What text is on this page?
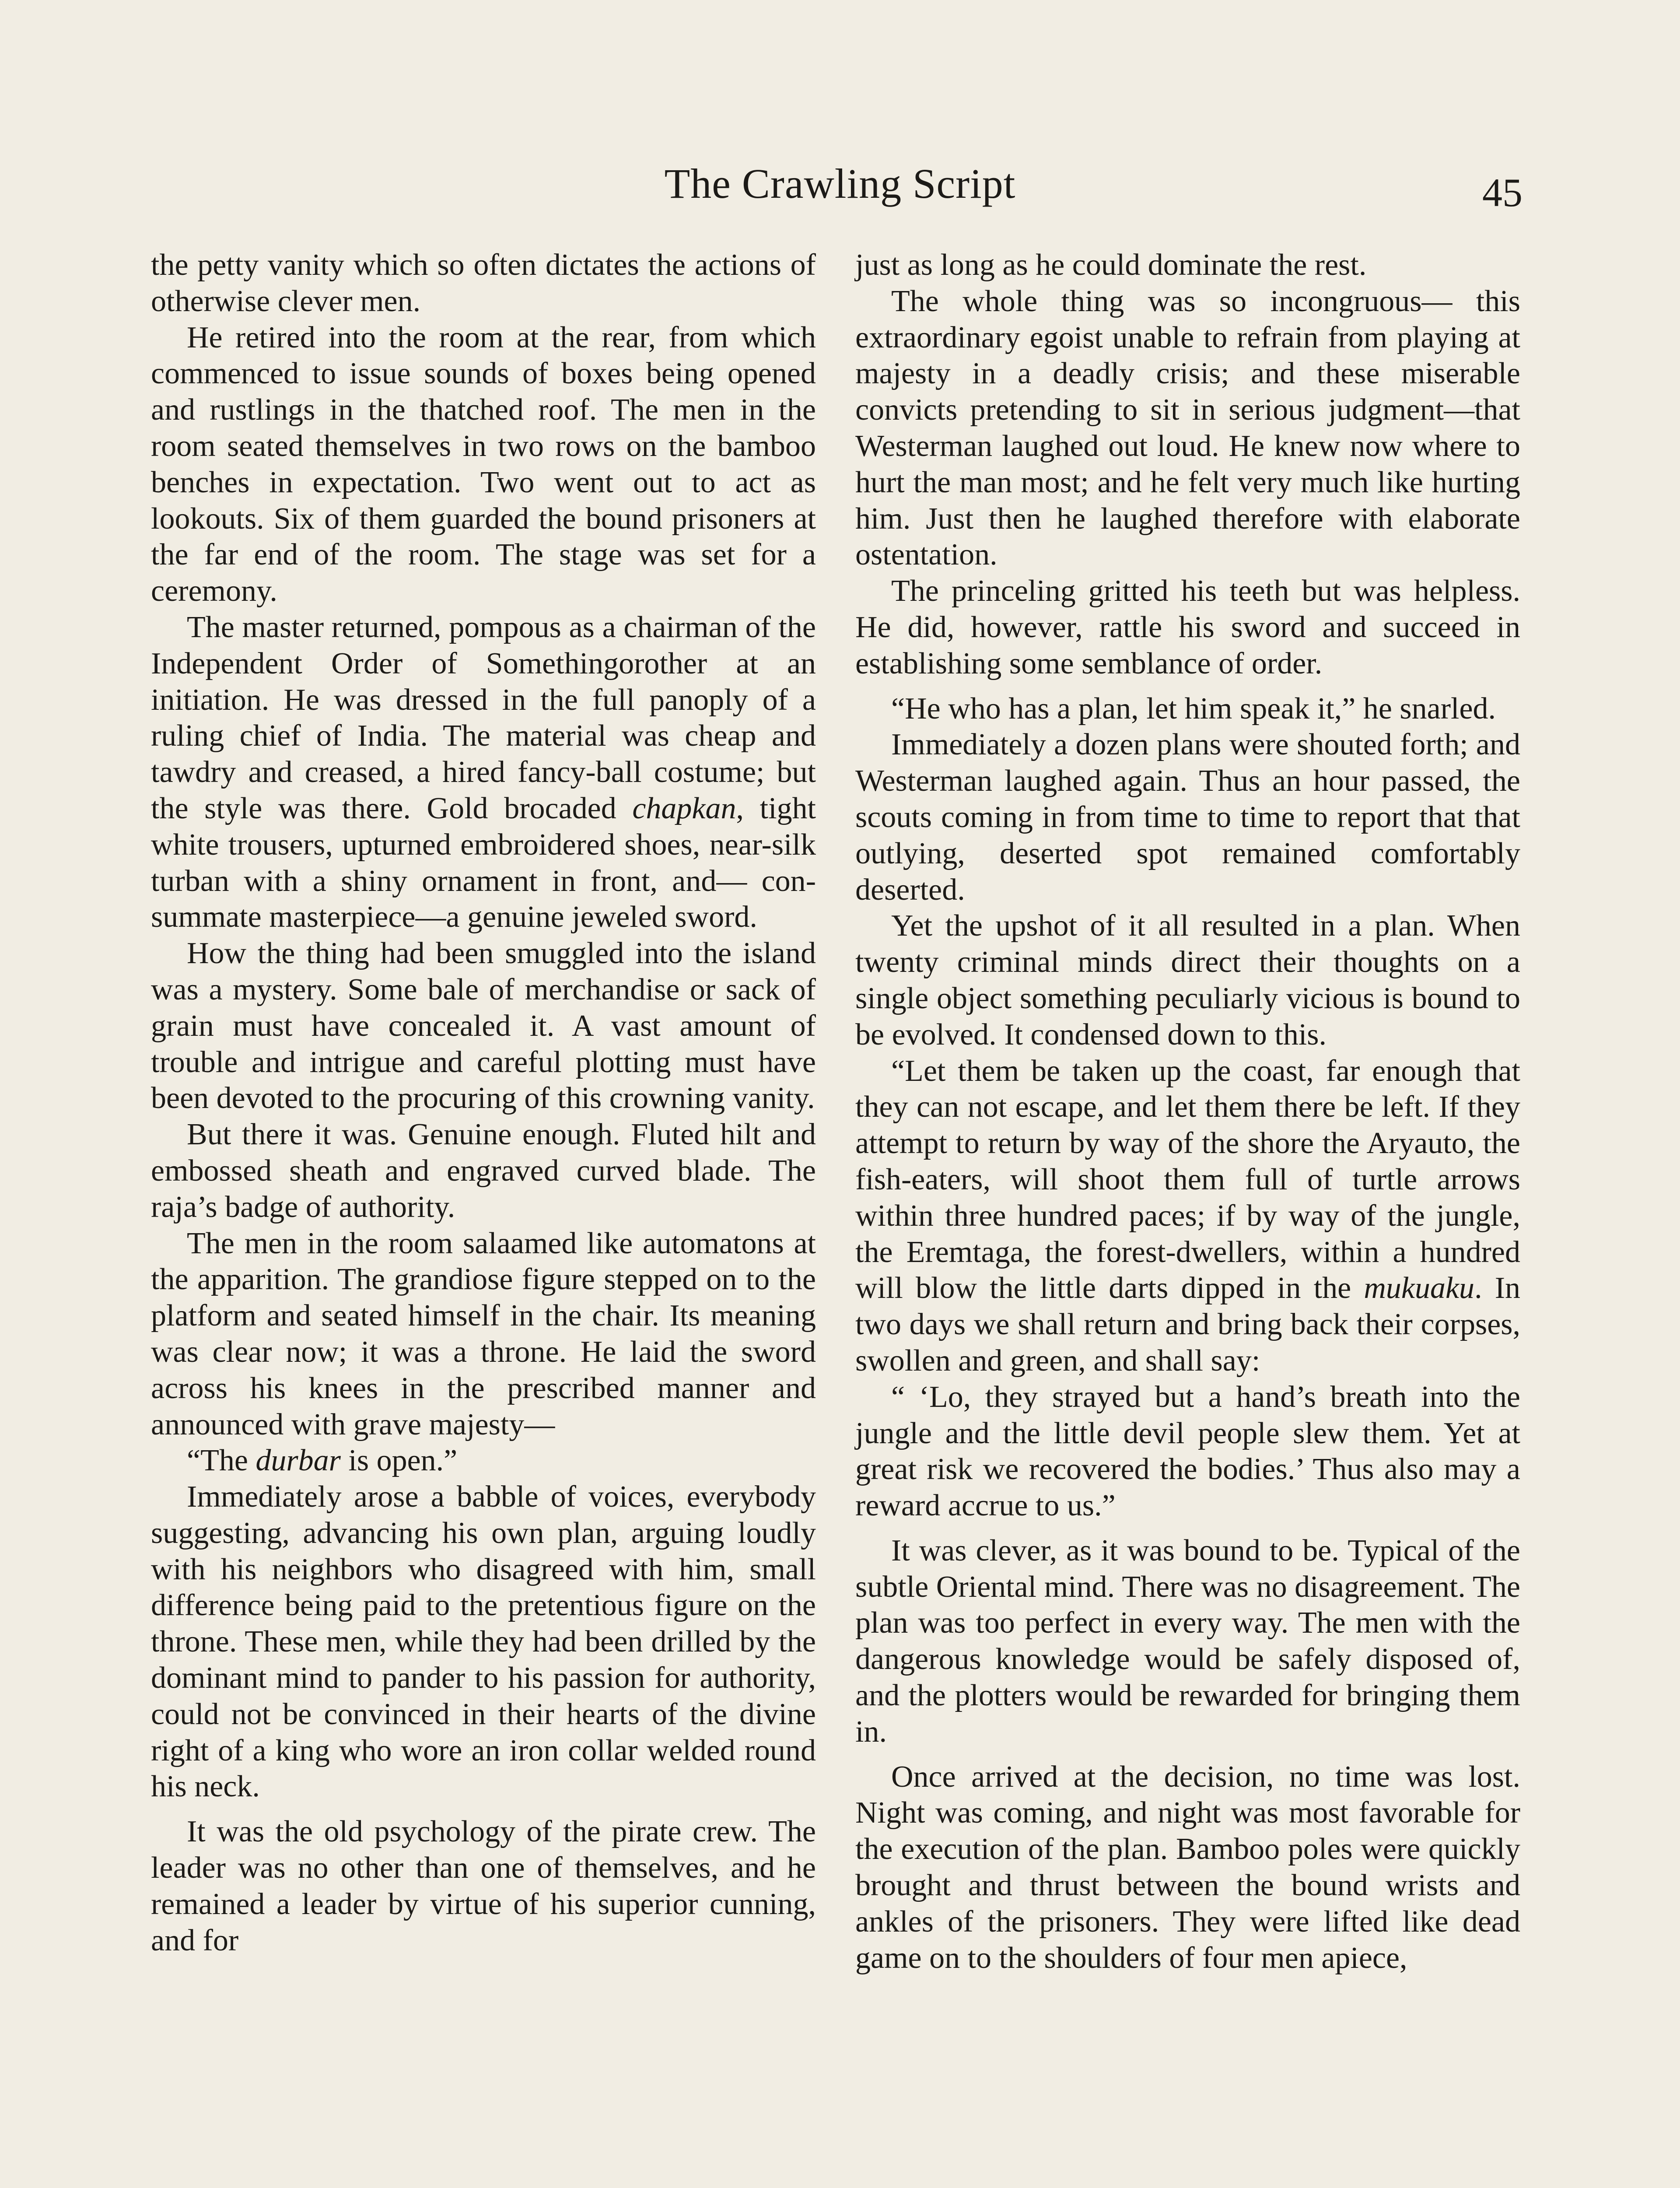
The Crawling Script	45

the petty vanity which so often dictates the actions of otherwise clever men.

He retired into the room at the rear, from which commenced to issue sounds of boxes being opened and rustlings in the thatched roof. The men in the room seated themselves in two rows on the bamboo benches in expectation. Two went out to act as lookouts. Six of them guarded the bound prisoners at the far end of the room. The stage was set for a ceremony.

The master returned, pompous as a chairman of the Independent Order of Somethingorother at an initiation. He was dressed in the full panoply of a ruling chief of India. The material was cheap and tawdry and creased, a hired fancy-ball costume; but the style was there. Gold brocaded chapkan, tight white trousers, upturned embroidered shoes, near-silk turban with a shiny ornament in front, and— consummate masterpiece—a genuine jeweled sword.

How the thing had been smuggled into the island was a mystery. Some bale of merchandise or sack of grain must have concealed it. A vast amount of trouble and intrigue and careful plotting must have been devoted to the procuring of this crowning vanity.

But there it was. Genuine enough. Fluted hilt and embossed sheath and engraved curved blade. The raja’s badge of authority.

The men in the room salaamed like automatons at the apparition. The grandiose figure stepped on to the platform and seated himself in the chair. Its meaning was clear now; it was a throne. He laid the sword across his knees in the prescribed manner and announced with grave majesty—

“The durbar is open.”

Immediately arose a babble of voices, everybody suggesting, advancing his own plan, arguing loudly with his neighbors who disagreed with him, small difference being paid to the pretentious figure on the throne. These men, while they had been drilled by the dominant mind to pander to his passion for authority, could not be convinced in their hearts of the divine right of a king who wore an iron collar welded round his neck.

It was the old psychology of the pirate crew. The leader was no other than one of themselves, and he remained a leader by virtue of his superior cunning, and for

just as long as he could dominate the rest.

The whole thing was so incongruous— this extraordinary egoist unable to refrain from playing at majesty in a deadly crisis; and these miserable convicts pretending to sit in serious judgment—that Westerman laughed out loud. He knew now where to hurt the man most; and he felt very much like hurting him. Just then he laughed therefore with elaborate ostentation.

The princeling gritted his teeth but was helpless. He did, however, rattle his sword and succeed in establishing some semblance of order.

“He who has a plan, let him speak it,” he snarled.

Immediately a dozen plans were shouted forth; and Westerman laughed again. Thus an hour passed, the scouts coming in from time to time to report that that outlying, deserted spot remained comfortably deserted.

Yet the upshot of it all resulted in a plan. When twenty criminal minds direct their thoughts on a single object something peculiarly vicious is bound to be evolved. It condensed down to this.

“Let them be taken up the coast, far enough that they can not escape, and let them there be left. If they attempt to return by way of the shore the Aryauto, the fish-eaters, will shoot them full of turtle arrows within three hundred paces; if by way of the jungle, the Eremtaga, the forest-dwellers, within a hundred will blow the little darts dipped in the mukuaku. In two days we shall return and bring back their corpses, swollen and green, and shall say:

“ ‘Lo, they strayed but a hand’s breath into the jungle and the little devil people slew them. Yet at great risk we recovered the bodies.’ Thus also may a reward accrue to us.”

It was clever, as it was bound to be. Typical of the subtle Oriental mind. There was no disagreement. The plan was too perfect in every way. The men with the dangerous knowledge would be safely disposed of, and the plotters would be rewarded for bringing them in.

Once arrived at the decision, no time was lost. Night was coming, and night was most favorable for the execution of the plan. Bamboo poles were quickly brought and thrust between the bound wrists and ankles of the prisoners. They were lifted like dead game on to the shoulders of four men apiece,
